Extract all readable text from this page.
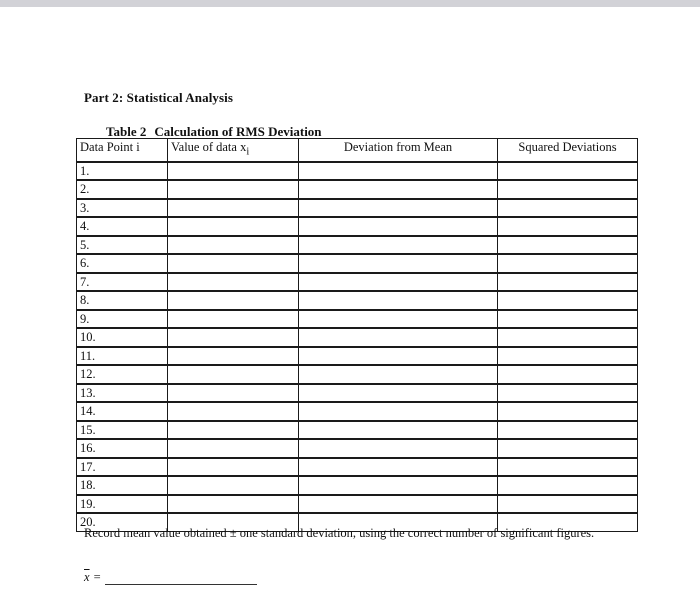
Part 2: Statistical Analysis
Table 2 Calculation of RMS Deviation
Data Point i	Value of data $x_i$	Deviation from Mean	Squared Deviations
1.			
2.			
3.			
4.			
5.			
6.			
7.			
8.			
9.			
10.			
11.			
12.			
13.			
14.			
15.			
16.			
17.			
18.			
19.			
20.			
Record mean value obtained ± one standard deviation, using the correct number of significant figures.
$\overline{x}$ =
